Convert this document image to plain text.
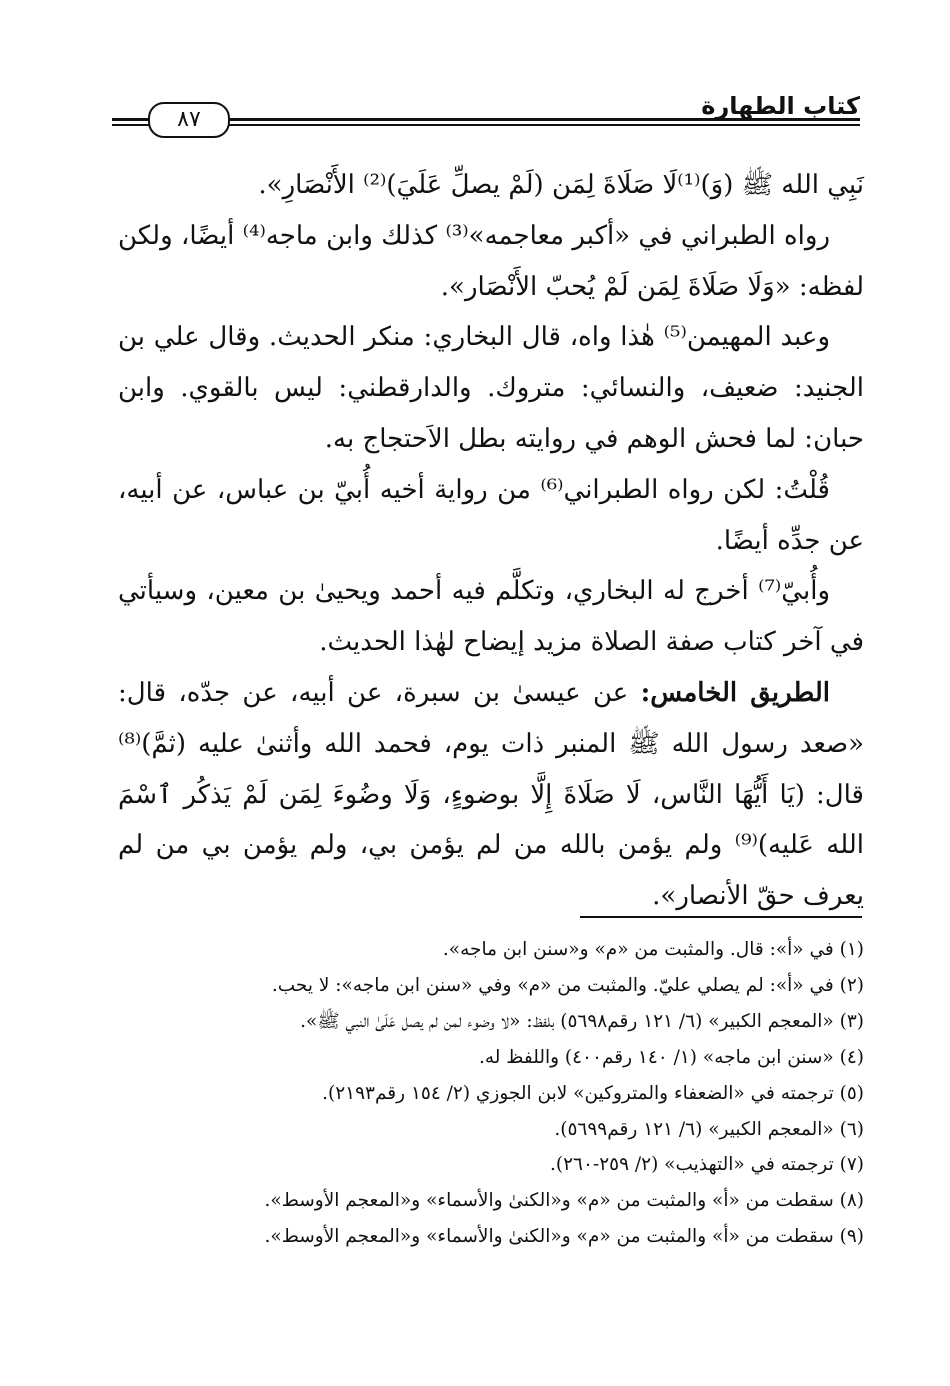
٨٧	كتاب الطهارة

نَبِي الله ﷺ (وَ)⁽¹⁾لَا صَلَاةَ لِمَن (لَمْ يصلِّ عَلَيَ)⁽²⁾ الأَنْصَارِ».

رواه الطبراني في «أكبر معاجمه»⁽³⁾ كذلك وابن ماجه⁽⁴⁾ أيضًا، ولكن لفظه: «وَلَا صَلَاةَ لِمَن لَمْ يُحبّ الأَنْصَار».

وعبد المهيمن⁽⁵⁾ هٰذا واه، قال البخاري: منكر الحديث. وقال علي بن الجنيد: ضعيف، والنسائي: متروك. والدارقطني: ليس بالقوي. وابن حبان: لما فحش الوهم في روايته بطل الاَحتجاج به.

قُلْتُ: لكن رواه الطبراني⁽⁶⁾ من رواية أخيه أُبيّ بن عباس، عن أبيه، عن جدِّه أيضًا.

وأُبيّ⁽⁷⁾ أخرج له البخاري، وتكلَّم فيه أحمد ويحيىٰ بن معين، وسيأتي في آخر كتاب صفة الصلاة مزيد إيضاح لهٰذا الحديث.

الطريق الخامس: عن عيسىٰ بن سبرة، عن أبيه، عن جدّه، قال: «صعد رسول الله ﷺ المنبر ذات يوم، فحمد الله وأثنىٰ عليه (ثمَّ)⁽⁸⁾ قال: (يَا أَيُّهَا النَّاس، لَا صَلَاةَ إِلَّا بوضوءٍ، وَلَا وضُوءَ لِمَن لَمْ يَذكُر ٱسْمَ الله عَليه)⁽⁹⁾ ولم يؤمن بالله من لم يؤمن بي، ولم يؤمن بي من لم يعرف حقّ الأنصار».

(١) في «أ»: قال. والمثبت من «م» و«سنن ابن ماجه».
(٢) في «أ»: لم يصلي عليّ. والمثبت من «م» وفي «سنن ابن ماجه»: لا يحب.
(٣) «المعجم الكبير» (٦/ ١٢١ رقم٥٦٩٨) بلفظ: «لا وضوء لمن لم يصل عَلَىٰ النبي ﷺ».
(٤) «سنن ابن ماجه» (١/ ١٤٠ رقم٤٠٠) واللفظ له.
(٥) ترجمته في «الضعفاء والمتروكين» لابن الجوزي (٢/ ١٥٤ رقم٢١٩٣).
(٦) «المعجم الكبير» (٦/ ١٢١ رقم٥٦٩٩).
(٧) ترجمته في «التهذيب» (٢/ ٢٥٩-٢٦٠).
(٨) سقطت من «أ» والمثبت من «م» و«الكنىٰ والأسماء» و«المعجم الأوسط».
(٩) سقطت من «أ» والمثبت من «م» و«الكنىٰ والأسماء» و«المعجم الأوسط».
